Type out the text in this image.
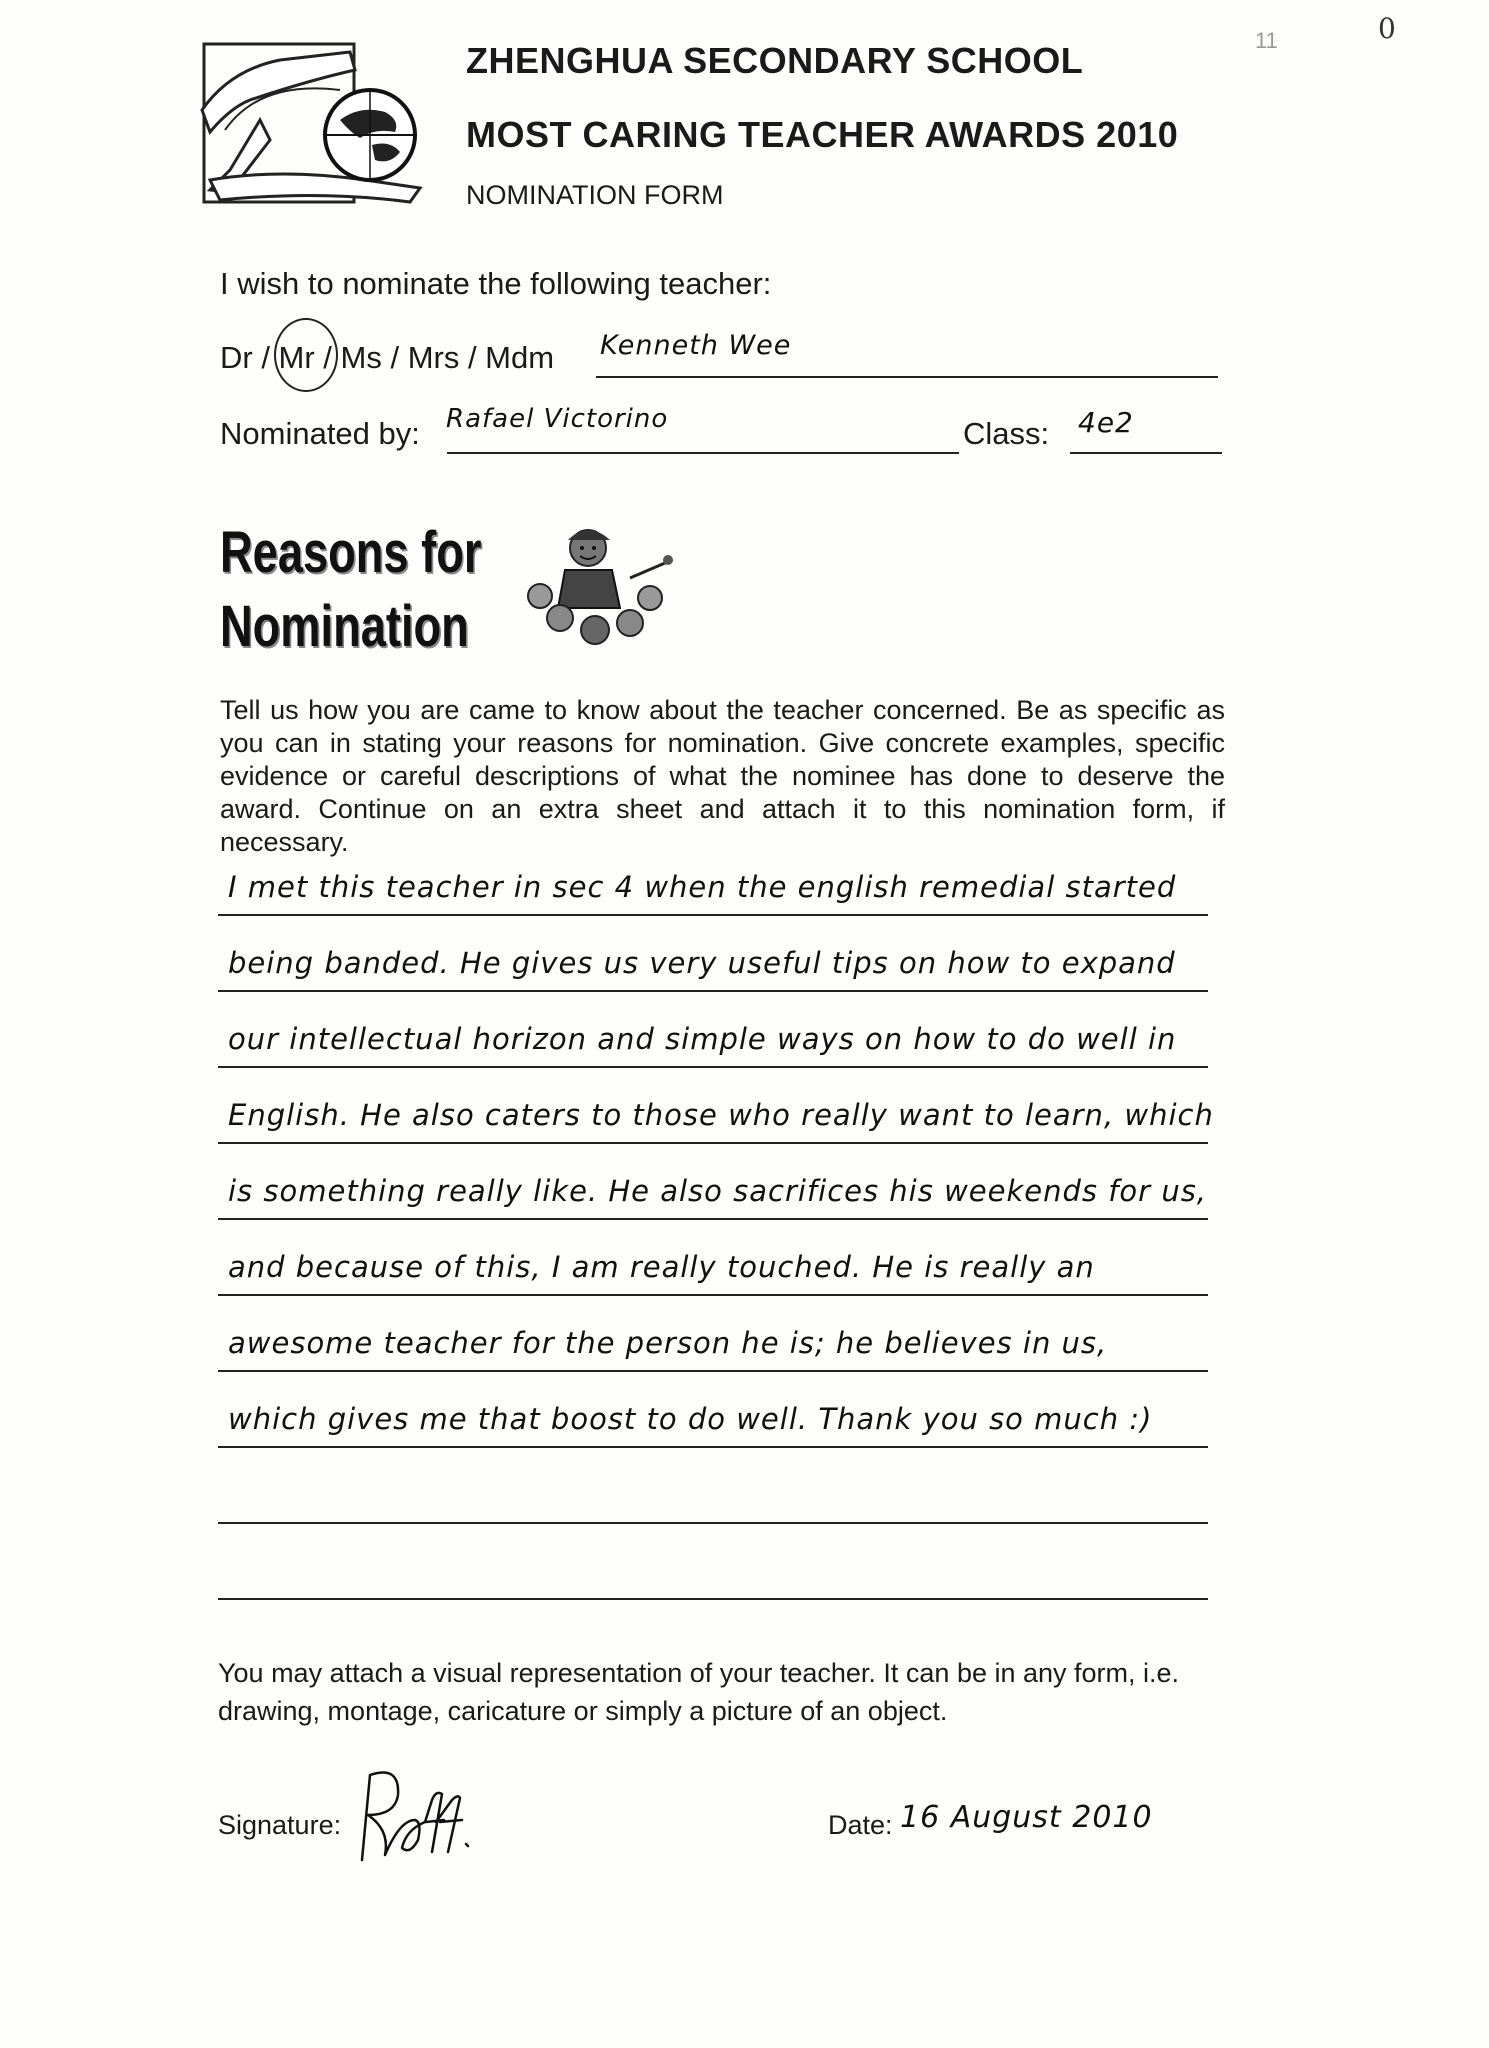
0
11
ZHENGHUA SECONDARY SCHOOL
MOST CARING TEACHER AWARDS 2010
NOMINATION FORM
I wish to nominate the following teacher:
Dr / Mr / Ms / Mrs / Mdm Kenneth Wee
Nominated by: Rafael Victorino	Class: 4e2
Reasons for
Nomination
Tell us how you are came to know about the teacher concerned. Be as specific as you can in stating your reasons for nomination. Give concrete examples, specific evidence or careful descriptions of what the nominee has done to deserve the award. Continue on an extra sheet and attach it to this nomination form, if necessary.
I met this teacher in sec 4 when the english remedial started
being banded. He gives us very useful tips on how to expand
our intellectual horizon and simple ways on how to do well in
English. He also caters to those who really want to learn, which
is something really like. He also sacrifices his weekends for us,
and because of this, I am really touched. He is really an
awesome teacher for the person he is; he believes in us,
which gives me that boost to do well. Thank you so much :)
You may attach a visual representation of your teacher. It can be in any form, i.e. drawing, montage, caricature or simply a picture of an object.
Signature:	Date: 16 August 2010
